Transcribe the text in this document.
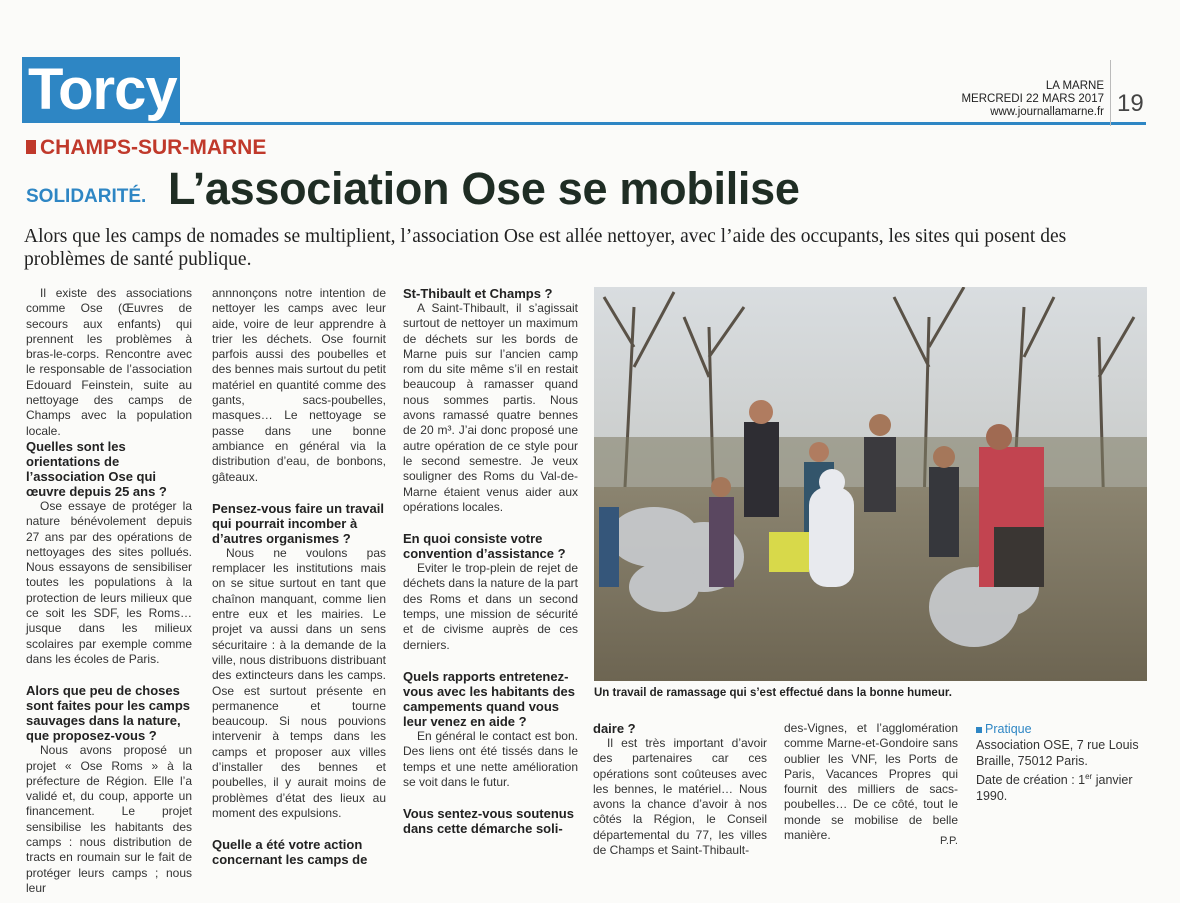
Torcy	LA MARNE
MERCREDI 22 MARS 2017
www.journallamarne.fr 19
CHAMPS-SUR-MARNE
SOLIDARITÉ. L’association Ose se mobilise
Alors que les camps de nomades se multiplient, l’association Ose est allée nettoyer, avec l’aide des occupants, les sites qui posent des problèmes de santé publique.

Il existe des associations comme Ose (Œuvres de secours aux enfants) qui prennent les problèmes à bras-le-corps. Rencontre avec le responsable de l’association Edouard Feinstein, suite au nettoyage des camps de Champs avec la population locale.

Quelles sont les orientations de l’association Ose qui œuvre depuis 25 ans ?

Ose essaye de protéger la nature bénévolement depuis 27 ans par des opérations de nettoyages des sites pollués. Nous essayons de sensibiliser toutes les populations à la protection de leurs milieux que ce soit les SDF, les Roms… jusque dans les milieux scolaires par exemple comme dans les écoles de Paris.

Alors que peu de choses sont faites pour les camps sauvages dans la nature, que proposez-vous ?

Nous avons proposé un projet « Ose Roms » à la préfecture de Région. Elle l’a validé et, du coup, apporte un financement. Le projet sensibilise les habitants des camps : nous distribution de tracts en roumain sur le fait de protéger leurs camps ; nous leur

annnonçons notre intention de nettoyer les camps avec leur aide, voire de leur apprendre à trier les déchets. Ose fournit parfois aussi des poubelles et des bennes mais surtout du petit matériel en quantité comme des gants, sacs-poubelles, masques… Le nettoyage se passe dans une bonne ambiance en général via la distribution d’eau, de bonbons, gâteaux.

Pensez-vous faire un travail qui pourrait incomber à d’autres organismes ?

Nous ne voulons pas remplacer les institutions mais on se situe surtout en tant que chaînon manquant, comme lien entre eux et les mairies. Le projet va aussi dans un sens sécuritaire : à la demande de la ville, nous distribuons distribuant des extincteurs dans les camps. Ose est surtout présente en permanence et tourne beaucoup. Si nous pouvions intervenir à temps dans les camps et proposer aux villes d’installer des bennes et poubelles, il y aurait moins de problèmes d’état des lieux au moment des expulsions.

Quelle a été votre action concernant les camps de

St-Thibault et Champs ?

A Saint-Thibault, il s’agissait surtout de nettoyer un maximum de déchets sur les bords de Marne puis sur l’ancien camp rom du site même s’il en restait beaucoup à ramasser quand nous sommes partis. Nous avons ramassé quatre bennes de 20 m³. J’ai donc proposé une autre opération de ce style pour le second semestre. Je veux souligner des Roms du Val-de-Marne étaient venus aider aux opérations locales.

En quoi consiste votre convention d’assistance ?

Eviter le trop-plein de rejet de déchets dans la nature de la part des Roms et dans un second temps, une mission de sécurité et de civisme auprès de ces derniers.

Quels rapports entretenez-vous avec les habitants des campements quand vous leur venez en aide ?

En général le contact est bon. Des liens ont été tissés dans le temps et une nette amélioration se voit dans le futur.

Vous sentez-vous soutenus dans cette démarche soli-

Un travail de ramassage qui s’est effectué dans la bonne humeur.

daire ?

Il est très important d’avoir des partenaires car ces opérations sont coûteuses avec les bennes, le matériel… Nous avons la chance d’avoir à nos côtés la Région, le Conseil départemental du 77, les villes de Champs et Saint-Thibault-

des-Vignes, et l’agglomération comme Marne-et-Gondoire sans oublier les VNF, les Ports de Paris, Vacances Propres qui fournit des milliers de sacs-poubelles… De ce côté, tout le monde se mobilise de belle manière.	P.P.
Pratique
Association OSE, 7 rue Louis Braille, 75012 Paris.
Date de création : 1er janvier 1990.
